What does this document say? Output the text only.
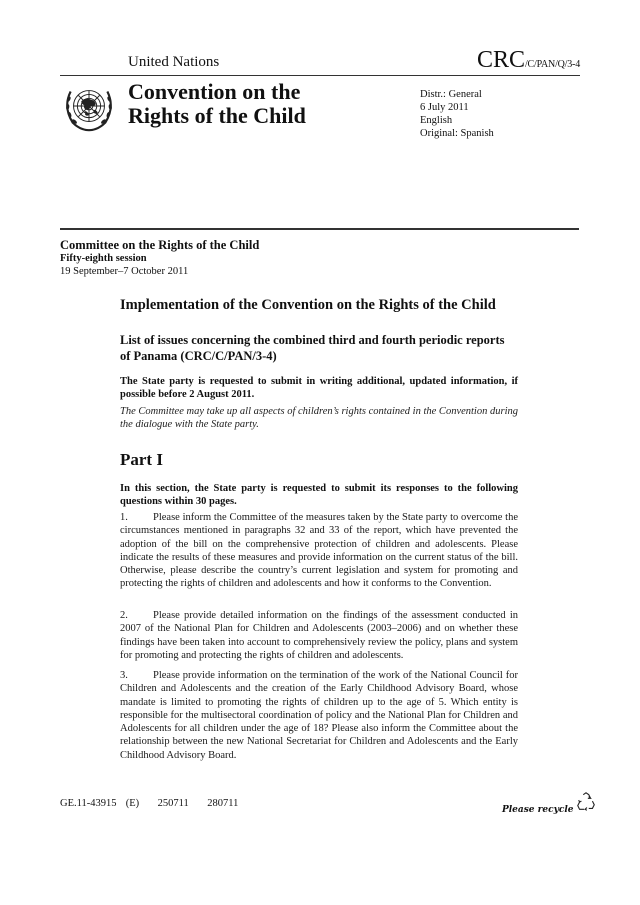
United Nations	CRC/C/PAN/Q/3-4
Convention on the
Rights of the Child
Distr.: General
6 July 2011
English
Original: Spanish
Committee on the Rights of the Child
Fifty-eighth session
19 September–7 October 2011
Implementation of the Convention on the Rights of the Child
List of issues concerning the combined third and fourth periodic reports of Panama (CRC/C/PAN/3-4)
The State party is requested to submit in writing additional, updated information, if possible before 2 August 2011.
The Committee may take up all aspects of children’s rights contained in the Convention during the dialogue with the State party.
Part I
In this section, the State party is requested to submit its responses to the following questions within 30 pages.
1. Please inform the Committee of the measures taken by the State party to overcome the circumstances mentioned in paragraphs 32 and 33 of the report, which have prevented the adoption of the bill on the comprehensive protection of children and adolescents. Please indicate the results of these measures and provide information on the current status of the bill. Otherwise, please describe the country’s current legislation and system for promoting and protecting the rights of children and adolescents and how it conforms to the Convention.
2. Please provide detailed information on the findings of the assessment conducted in 2007 of the National Plan for Children and Adolescents (2003–2006) and on whether these findings have been taken into account to comprehensively review the policy, plans and system for promoting and protecting the rights of children and adolescents.
3. Please provide information on the termination of the work of the National Council for Children and Adolescents and the creation of the Early Childhood Advisory Board, whose mandate is limited to promoting the rights of children up to the age of 5. Which entity is responsible for the multisectoral coordination of policy and the National Plan for Children and Adolescents for all children under the age of 18? Please also inform the Committee about the relationship between the new National Secretariat for Children and Adolescents and the Early Childhood Advisory Board.
GE.11-43915  (E)    250711    280711
Please recycle
